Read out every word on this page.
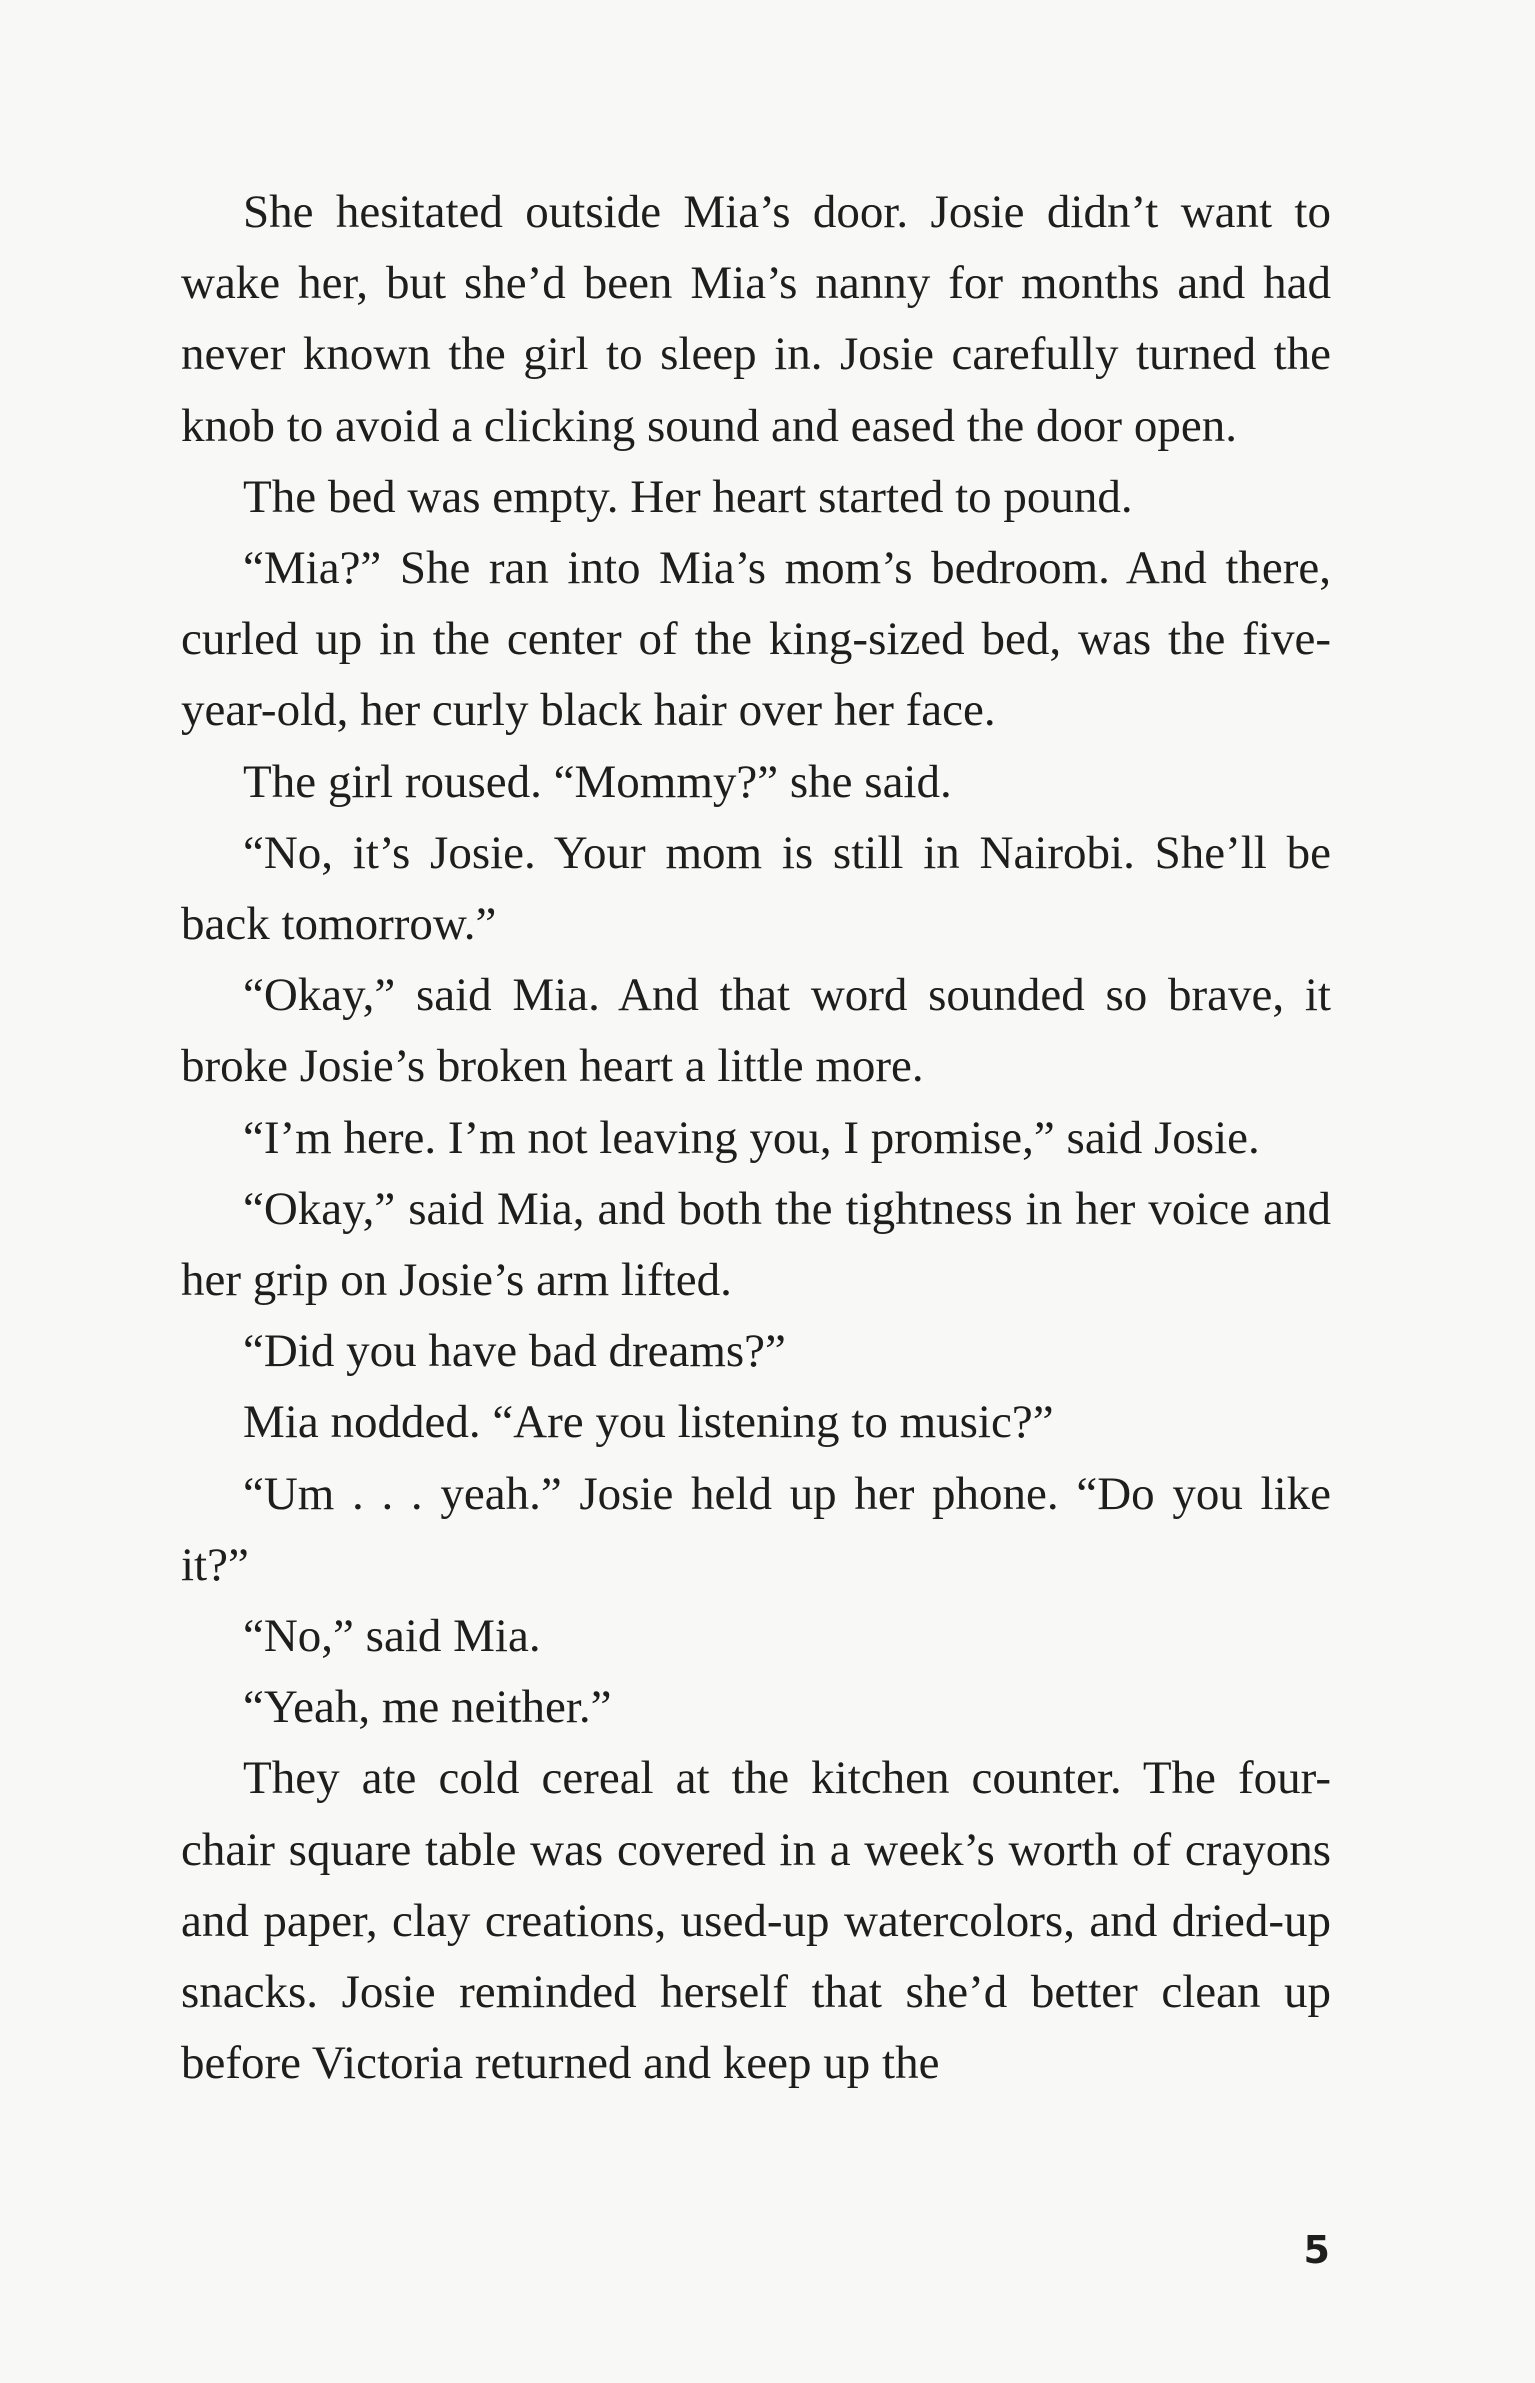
She hesitated outside Mia’s door. Josie didn’t want to wake her, but she’d been Mia’s nanny for months and had never known the girl to sleep in. Josie carefully turned the knob to avoid a clicking sound and eased the door open.

The bed was empty. Her heart started to pound.

“Mia?” She ran into Mia’s mom’s bedroom. And there, curled up in the center of the king-sized bed, was the five-year-old, her curly black hair over her face.

The girl roused. “Mommy?” she said.

“No, it’s Josie. Your mom is still in Nairobi. She’ll be back tomorrow.”

“Okay,” said Mia. And that word sounded so brave, it broke Josie’s broken heart a little more.

“I’m here. I’m not leaving you, I promise,” said Josie.

“Okay,” said Mia, and both the tightness in her voice and her grip on Josie’s arm lifted.

“Did you have bad dreams?”

Mia nodded. “Are you listening to music?”

“Um . . . yeah.” Josie held up her phone. “Do you like it?”

“No,” said Mia.

“Yeah, me neither.”

They ate cold cereal at the kitchen counter. The four-chair square table was covered in a week’s worth of crayons and paper, clay creations, used-up watercolors, and dried-up snacks. Josie reminded herself that she’d better clean up before Victoria returned and keep up the

5
